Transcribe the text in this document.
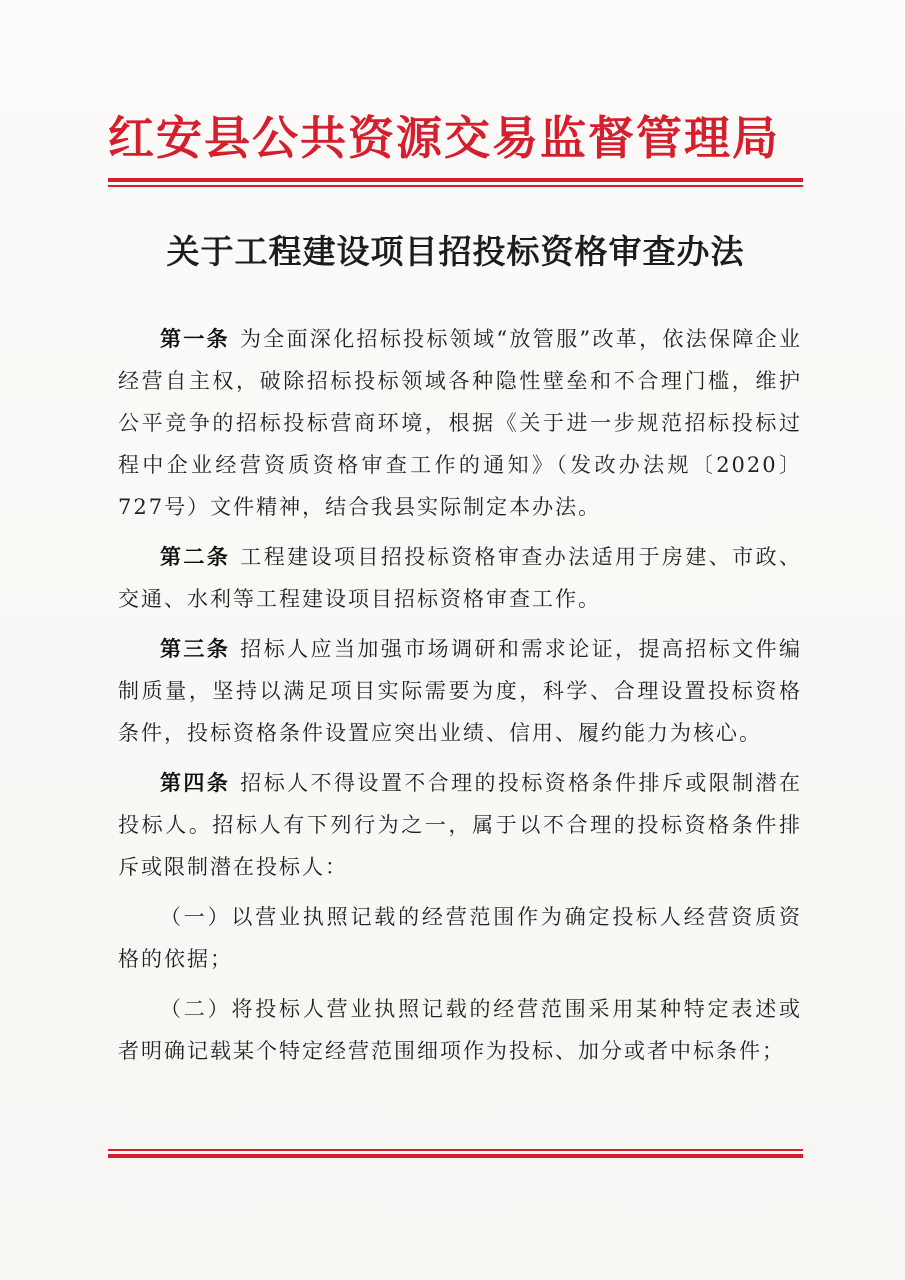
红安县公共资源交易监督管理局
关于工程建设项目招投标资格审查办法

第一条 为全面深化招标投标领域“放管服”改革，依法保障企业经营自主权，破除招标投标领域各种隐性壁垒和不合理门槛，维护公平竞争的招标投标营商环境，根据《关于进一步规范招标投标过程中企业经营资质资格审查工作的通知》（发改办法规〔2020〕727号）文件精神，结合我县实际制定本办法。

第二条 工程建设项目招投标资格审查办法适用于房建、市政、交通、水利等工程建设项目招标资格审查工作。

第三条 招标人应当加强市场调研和需求论证，提高招标文件编制质量，坚持以满足项目实际需要为度，科学、合理设置投标资格条件，投标资格条件设置应突出业绩、信用、履约能力为核心。

第四条 招标人不得设置不合理的投标资格条件排斥或限制潜在投标人。招标人有下列行为之一，属于以不合理的投标资格条件排斥或限制潜在投标人：

（一）以营业执照记载的经营范围作为确定投标人经营资质资格的依据；

（二）将投标人营业执照记载的经营范围采用某种特定表述或者明确记载某个特定经营范围细项作为投标、加分或者中标条件；
